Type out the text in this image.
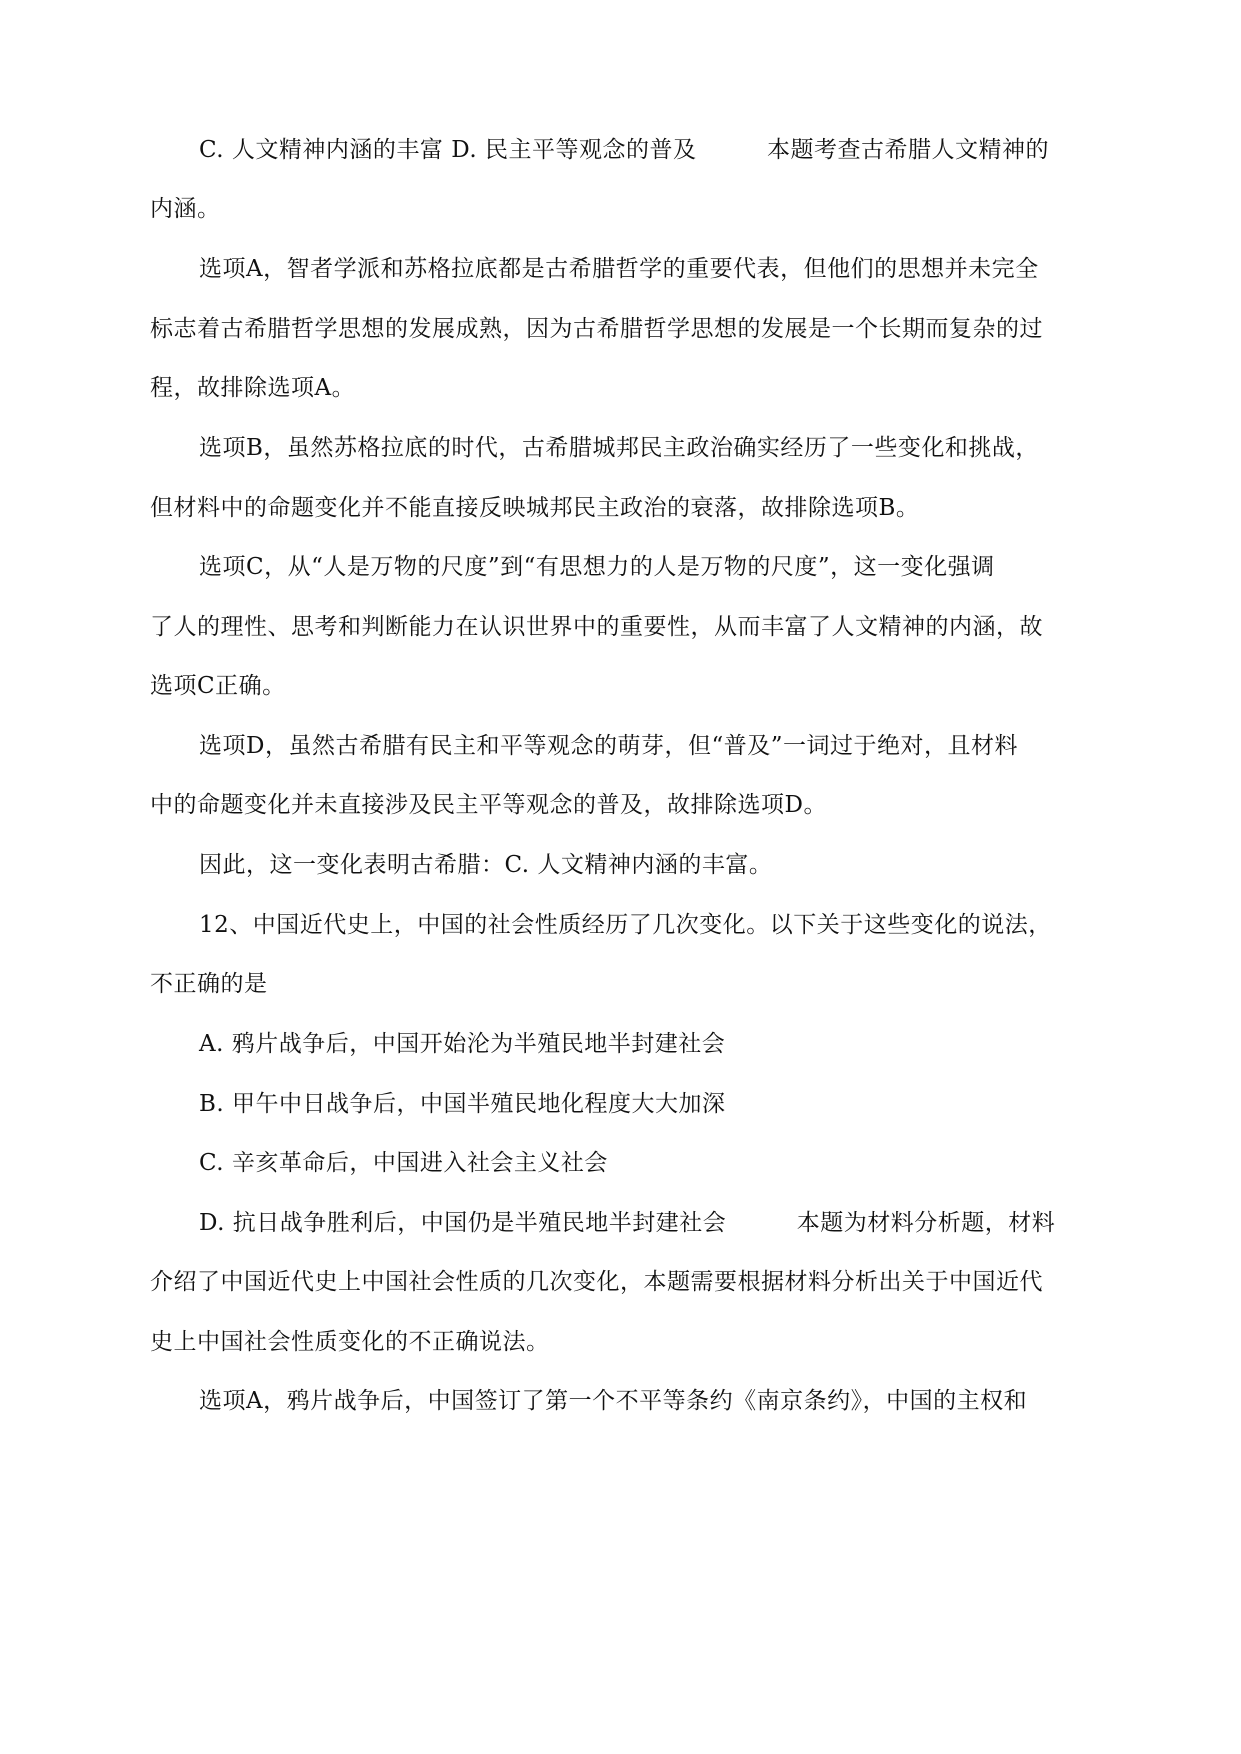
C. 人文精神内涵的丰富 D. 民主平等观念的普及　　　本题考查古希腊人文精神的
内涵。
选项A，智者学派和苏格拉底都是古希腊哲学的重要代表，但他们的思想并未完全
标志着古希腊哲学思想的发展成熟，因为古希腊哲学思想的发展是一个长期而复杂的过
程，故排除选项A。
选项B，虽然苏格拉底的时代，古希腊城邦民主政治确实经历了一些变化和挑战，
但材料中的命题变化并不能直接反映城邦民主政治的衰落，故排除选项B。
选项C，从“人是万物的尺度”到“有思想力的人是万物的尺度”，这一变化强调
了人的理性、思考和判断能力在认识世界中的重要性，从而丰富了人文精神的内涵，故
选项C正确。
选项D，虽然古希腊有民主和平等观念的萌芽，但“普及”一词过于绝对，且材料
中的命题变化并未直接涉及民主平等观念的普及，故排除选项D。
因此，这一变化表明古希腊：C. 人文精神内涵的丰富。
12、中国近代史上，中国的社会性质经历了几次变化。以下关于这些变化的说法，
不正确的是
A. 鸦片战争后，中国开始沦为半殖民地半封建社会
B. 甲午中日战争后，中国半殖民地化程度大大加深
C. 辛亥革命后，中国进入社会主义社会
D. 抗日战争胜利后，中国仍是半殖民地半封建社会　　　本题为材料分析题，材料
介绍了中国近代史上中国社会性质的几次变化，本题需要根据材料分析出关于中国近代
史上中国社会性质变化的不正确说法。
选项A，鸦片战争后，中国签订了第一个不平等条约《南京条约》，中国的主权和
